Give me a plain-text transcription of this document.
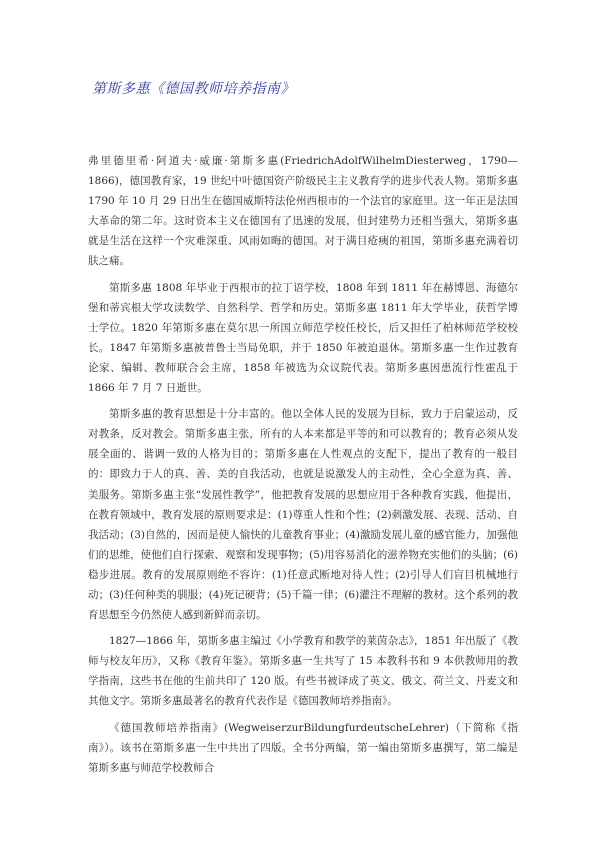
第斯多惠《德国教师培养指南》

弗里德里希·阿道夫·威廉·第斯多惠(FriedrichAdolfWilhelmDiesterweg，1790—1866)，德国教育家，19 世纪中叶德国资产阶级民主主义教育学的进步代表人物。第斯多惠 1790 年 10 月 29 日出生在德国威斯特法伦州西根市的一个法官的家庭里。这一年正是法国大革命的第二年。这时资本主义在德国有了迅速的发展，但封建势力还相当强大，第斯多惠就是生活在这样一个灾难深重、风雨如晦的德国。对于满目疮痍的祖国，第斯多惠充满着切肤之痛。

第斯多惠 1808 年毕业于西根市的拉丁语学校，1808 年到 1811 年在赫博恩、海德尔堡和蒂宾根大学攻读数学、自然科学、哲学和历史。第斯多惠 1811 年大学毕业，获哲学博士学位。1820 年第斯多惠在莫尔思一所国立师范学校任校长，后又担任了柏林师范学校校长。1847 年第斯多惠被普鲁士当局免职，并于 1850 年被迫退休。第斯多惠一生作过教育论家、编辑、教师联合会主席，1858 年被选为众议院代表。第斯多惠因患流行性霍乱于 1866 年 7 月 7 日逝世。

第斯多惠的教育思想是十分丰富的。他以全体人民的发展为目标，致力于启蒙运动，反对教条，反对教会。第斯多惠主张，所有的人本来都是平等的和可以教育的；教育必须从发展全面的、谐调一致的人格为目的；第斯多惠在人性观点的支配下，提出了教育的一般目的：即致力于人的真、善、美的自我活动，也就是说激发人的主动性，全心全意为真、善、美服务。第斯多惠主张“发展性教学”，他把教育发展的思想应用于各种教育实践，他提出，在教育领域中，教育发展的原则要求是：(1)尊重人性和个性；(2)刺激发展、表现、活动、自我活动；(3)自然的，因而是使人愉快的儿童教育事业；(4)激励发展儿童的感官能力，加强他们的思维，使他们自行探索、观察和发现事物；(5)用容易消化的滋养物充实他们的头脑；(6)稳步进展。教育的发展原则绝不容许：(1)任意武断地对待人性；(2)引导人们盲目机械地行动；(3)任何种类的驯服；(4)死记硬背；(5)千篇一律；(6)灌注不理解的教材。这个系列的教育思想至今仍然使人感到新鲜而亲切。

1827—1866 年，第斯多惠主编过《小学教育和教学的莱茵杂志》，1851 年出版了《教师与校友年历》，又称《教育年鉴》。第斯多惠一生共写了 15 本教科书和 9 本供教师用的教学指南，这些书在他的生前共印了 120 版。有些书被译成了英文、俄文、荷兰文、丹麦文和其他文字。第斯多惠最著名的教育代表作是《德国教师培养指南》。

《德国教师培养指南》(WegweiserzurBildungfurdeutscheLehrer)（下简称《指南》）。该书在第斯多惠一生中共出了四版。全书分两编，第一编由第斯多惠撰写，第二编是第斯多惠与师范学校教师合
